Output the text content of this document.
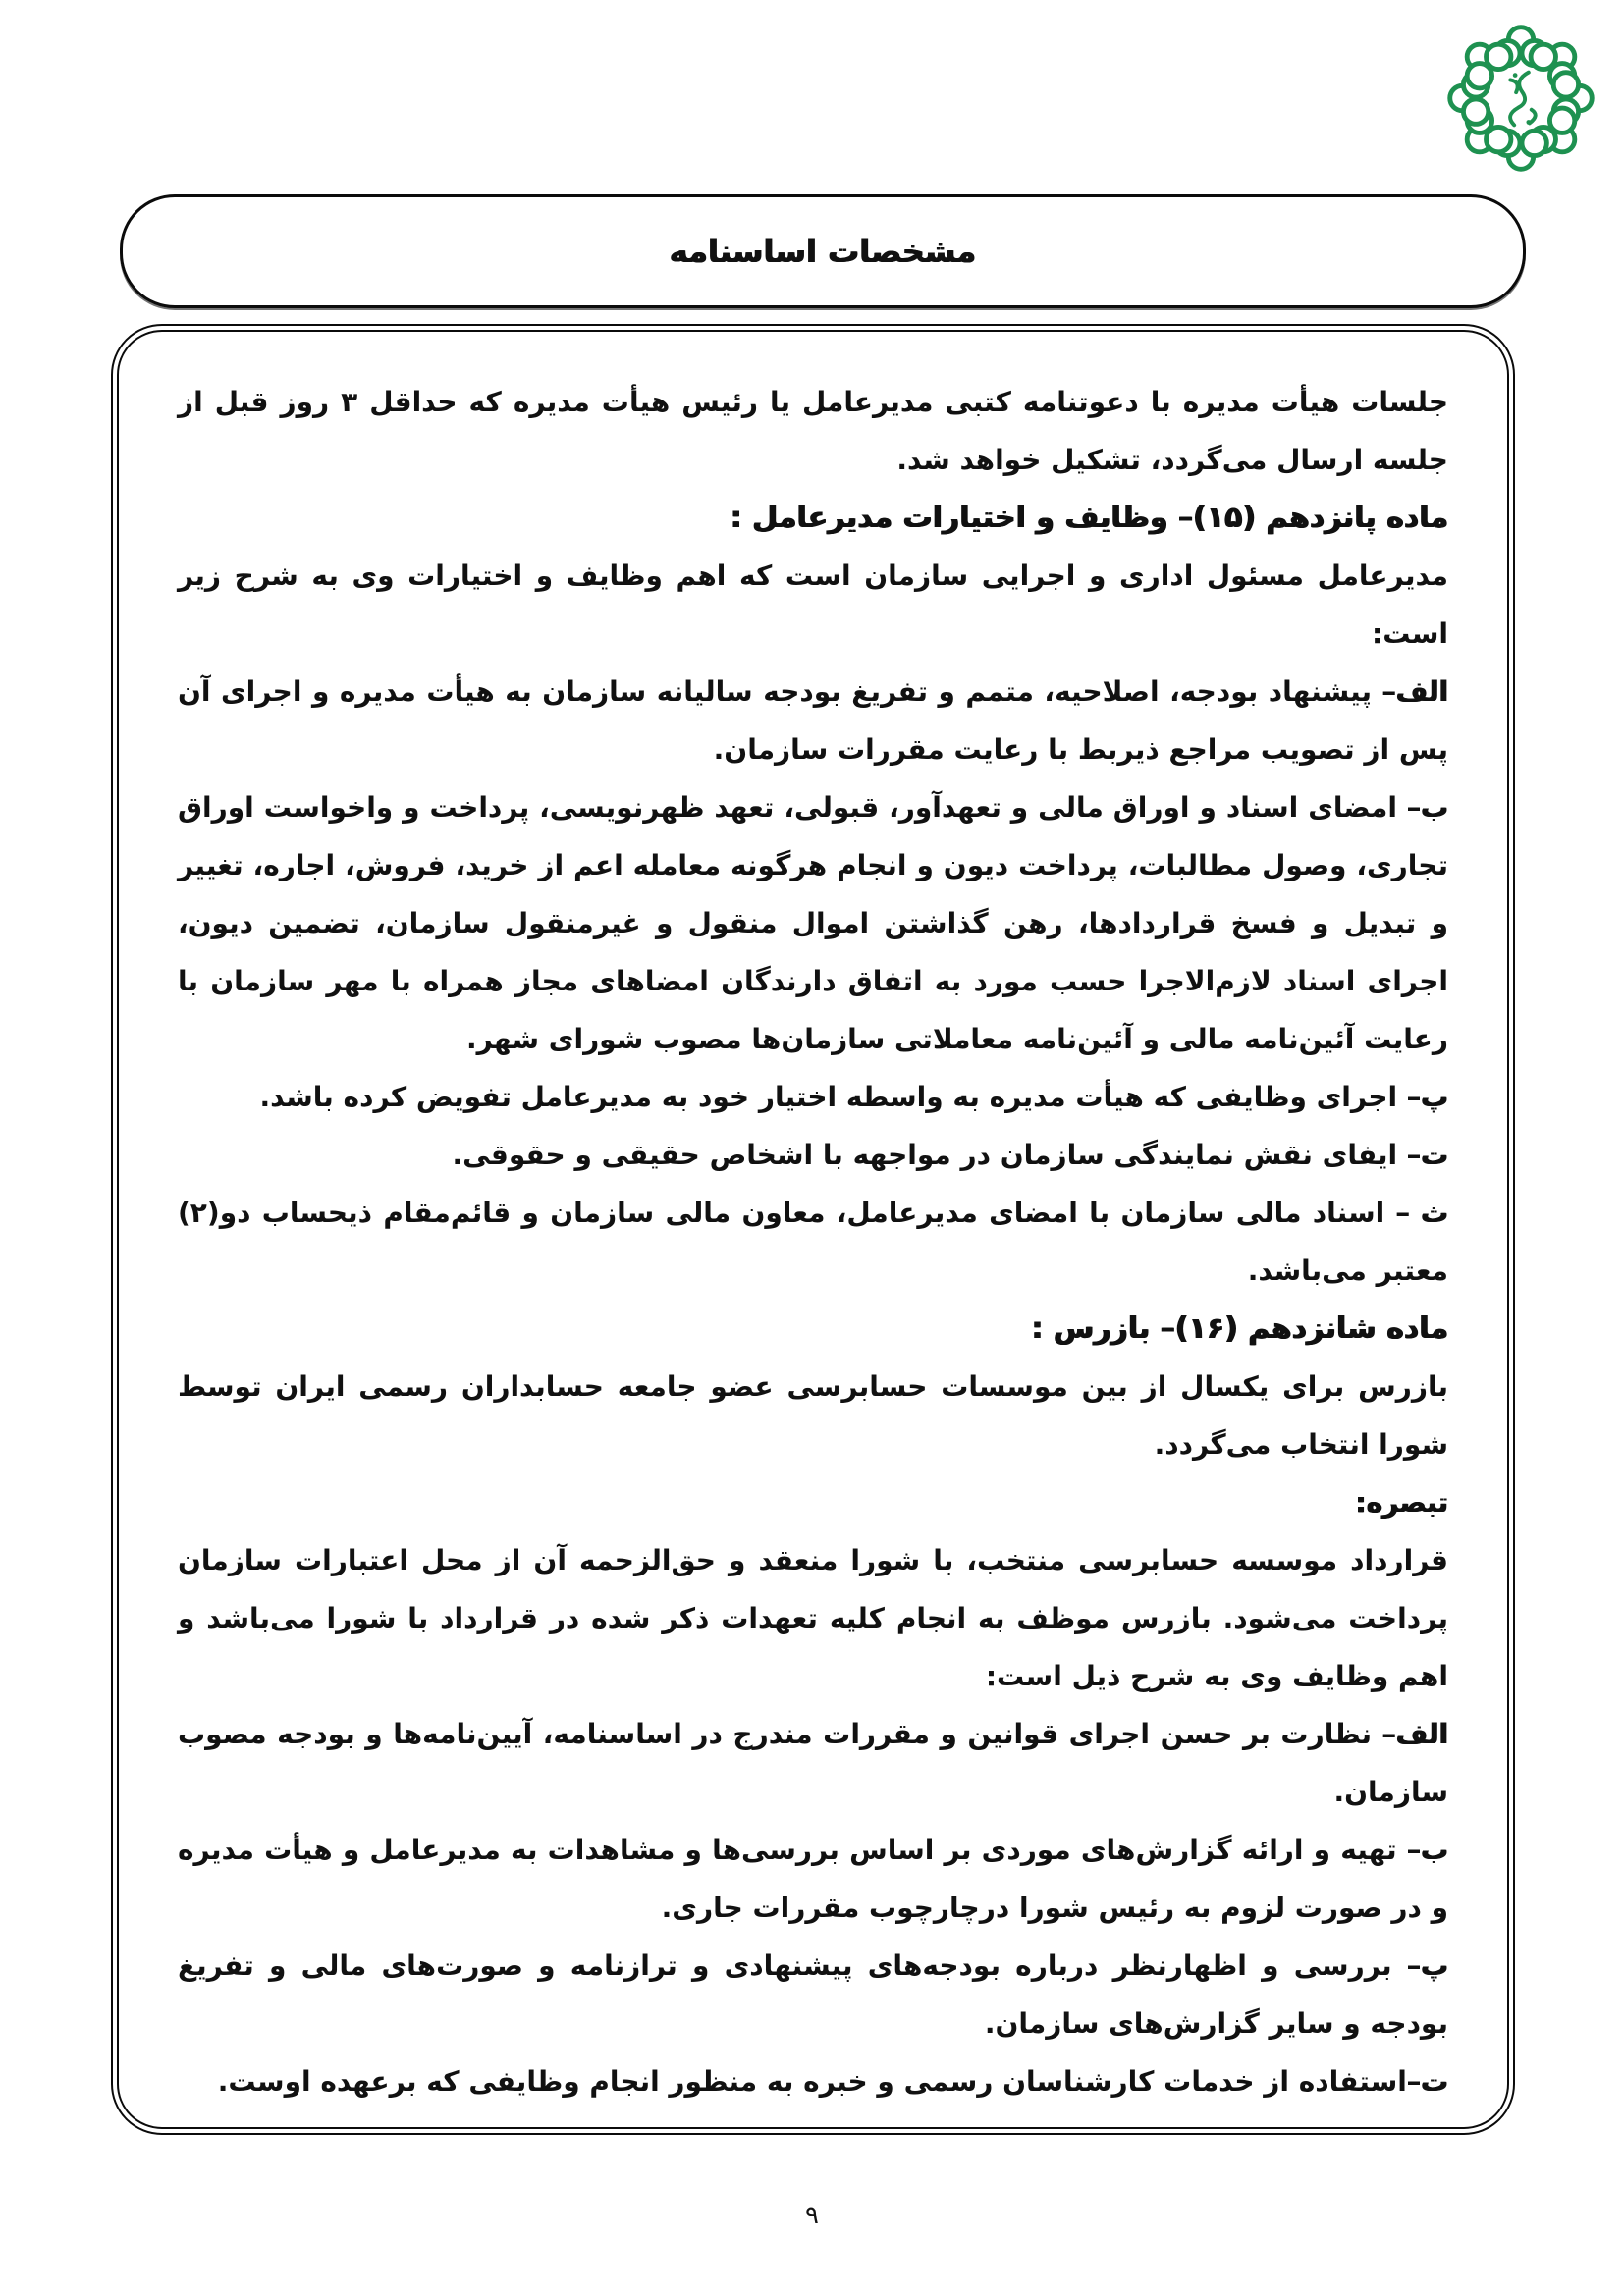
مشخصات اساسنامه

جلسات هیأت مدیره با دعوتنامه کتبی مدیرعامل یا رئیس هیأت مدیره که حداقل ۳ روز قبل از جلسه ارسال می‌گردد، تشکیل خواهد شد.

ماده پانزدهم (۱۵)– وظایف و اختیارات مدیرعامل :

مدیرعامل مسئول اداری و اجرایی سازمان است که اهم وظایف و اختیارات وی به شرح زیر است:

الف– پیشنهاد بودجه، اصلاحیه، متمم و تفریغ بودجه سالیانه سازمان به هیأت مدیره و اجرای آن پس از تصویب مراجع ذیربط با رعایت مقررات سازمان.

ب– امضای اسناد و اوراق مالی و تعهدآور، قبولی، تعهد ظهرنویسی، پرداخت و واخواست اوراق تجاری، وصول مطالبات، پرداخت دیون و انجام هرگونه معامله اعم از خرید، فروش، اجاره، تغییر و تبدیل و فسخ قراردادها، رهن گذاشتن اموال منقول و غیرمنقول سازمان، تضمین دیون، اجرای اسناد لازم‌الاجرا حسب مورد به اتفاق دارندگان امضاهای مجاز همراه با مهر سازمان با رعایت آئین‌نامه مالی و آئین‌نامه معاملاتی سازمان‌ها مصوب شورای شهر.

پ– اجرای وظایفی که هیأت مدیره به واسطه اختیار خود به مدیرعامل تفویض کرده باشد.

ت– ایفای نقش نمایندگی سازمان در مواجهه با اشخاص حقیقی و حقوقی.

ث – اسناد مالی سازمان با امضای مدیرعامل، معاون مالی سازمان و قائم‌مقام ذیحساب دو(۲) معتبر می‌باشد.

ماده شانزدهم (۱۶)– بازرس :

بازرس برای یکسال از بین موسسات حسابرسی عضو جامعه حسابداران رسمی ایران توسط شورا انتخاب می‌گردد.

تبصره:

قرارداد موسسه حسابرسی منتخب، با شورا منعقد و حق‌الزحمه آن از محل اعتبارات سازمان پرداخت می‌شود. بازرس موظف به انجام کلیه تعهدات ذکر شده در قرارداد با شورا می‌باشد و اهم وظایف وی به شرح ذیل است:

الف– نظارت بر حسن اجرای قوانین و مقررات مندرج در اساسنامه، آیین‌نامه‌ها و بودجه مصوب سازمان.

ب– تهیه و ارائه گزارش‌های موردی بر اساس بررسی‌ها و مشاهدات به مدیرعامل و هیأت مدیره و در صورت لزوم به رئیس شورا درچارچوب مقررات جاری.

پ– بررسی و اظهارنظر درباره بودجه‌های پیشنهادی و ترازنامه و صورت‌های مالی و تفریغ بودجه و سایر گزارش‌های سازمان.

ت–استفاده از خدمات کارشناسان رسمی و خبره به منظور انجام وظایفی که برعهده اوست.

۹
